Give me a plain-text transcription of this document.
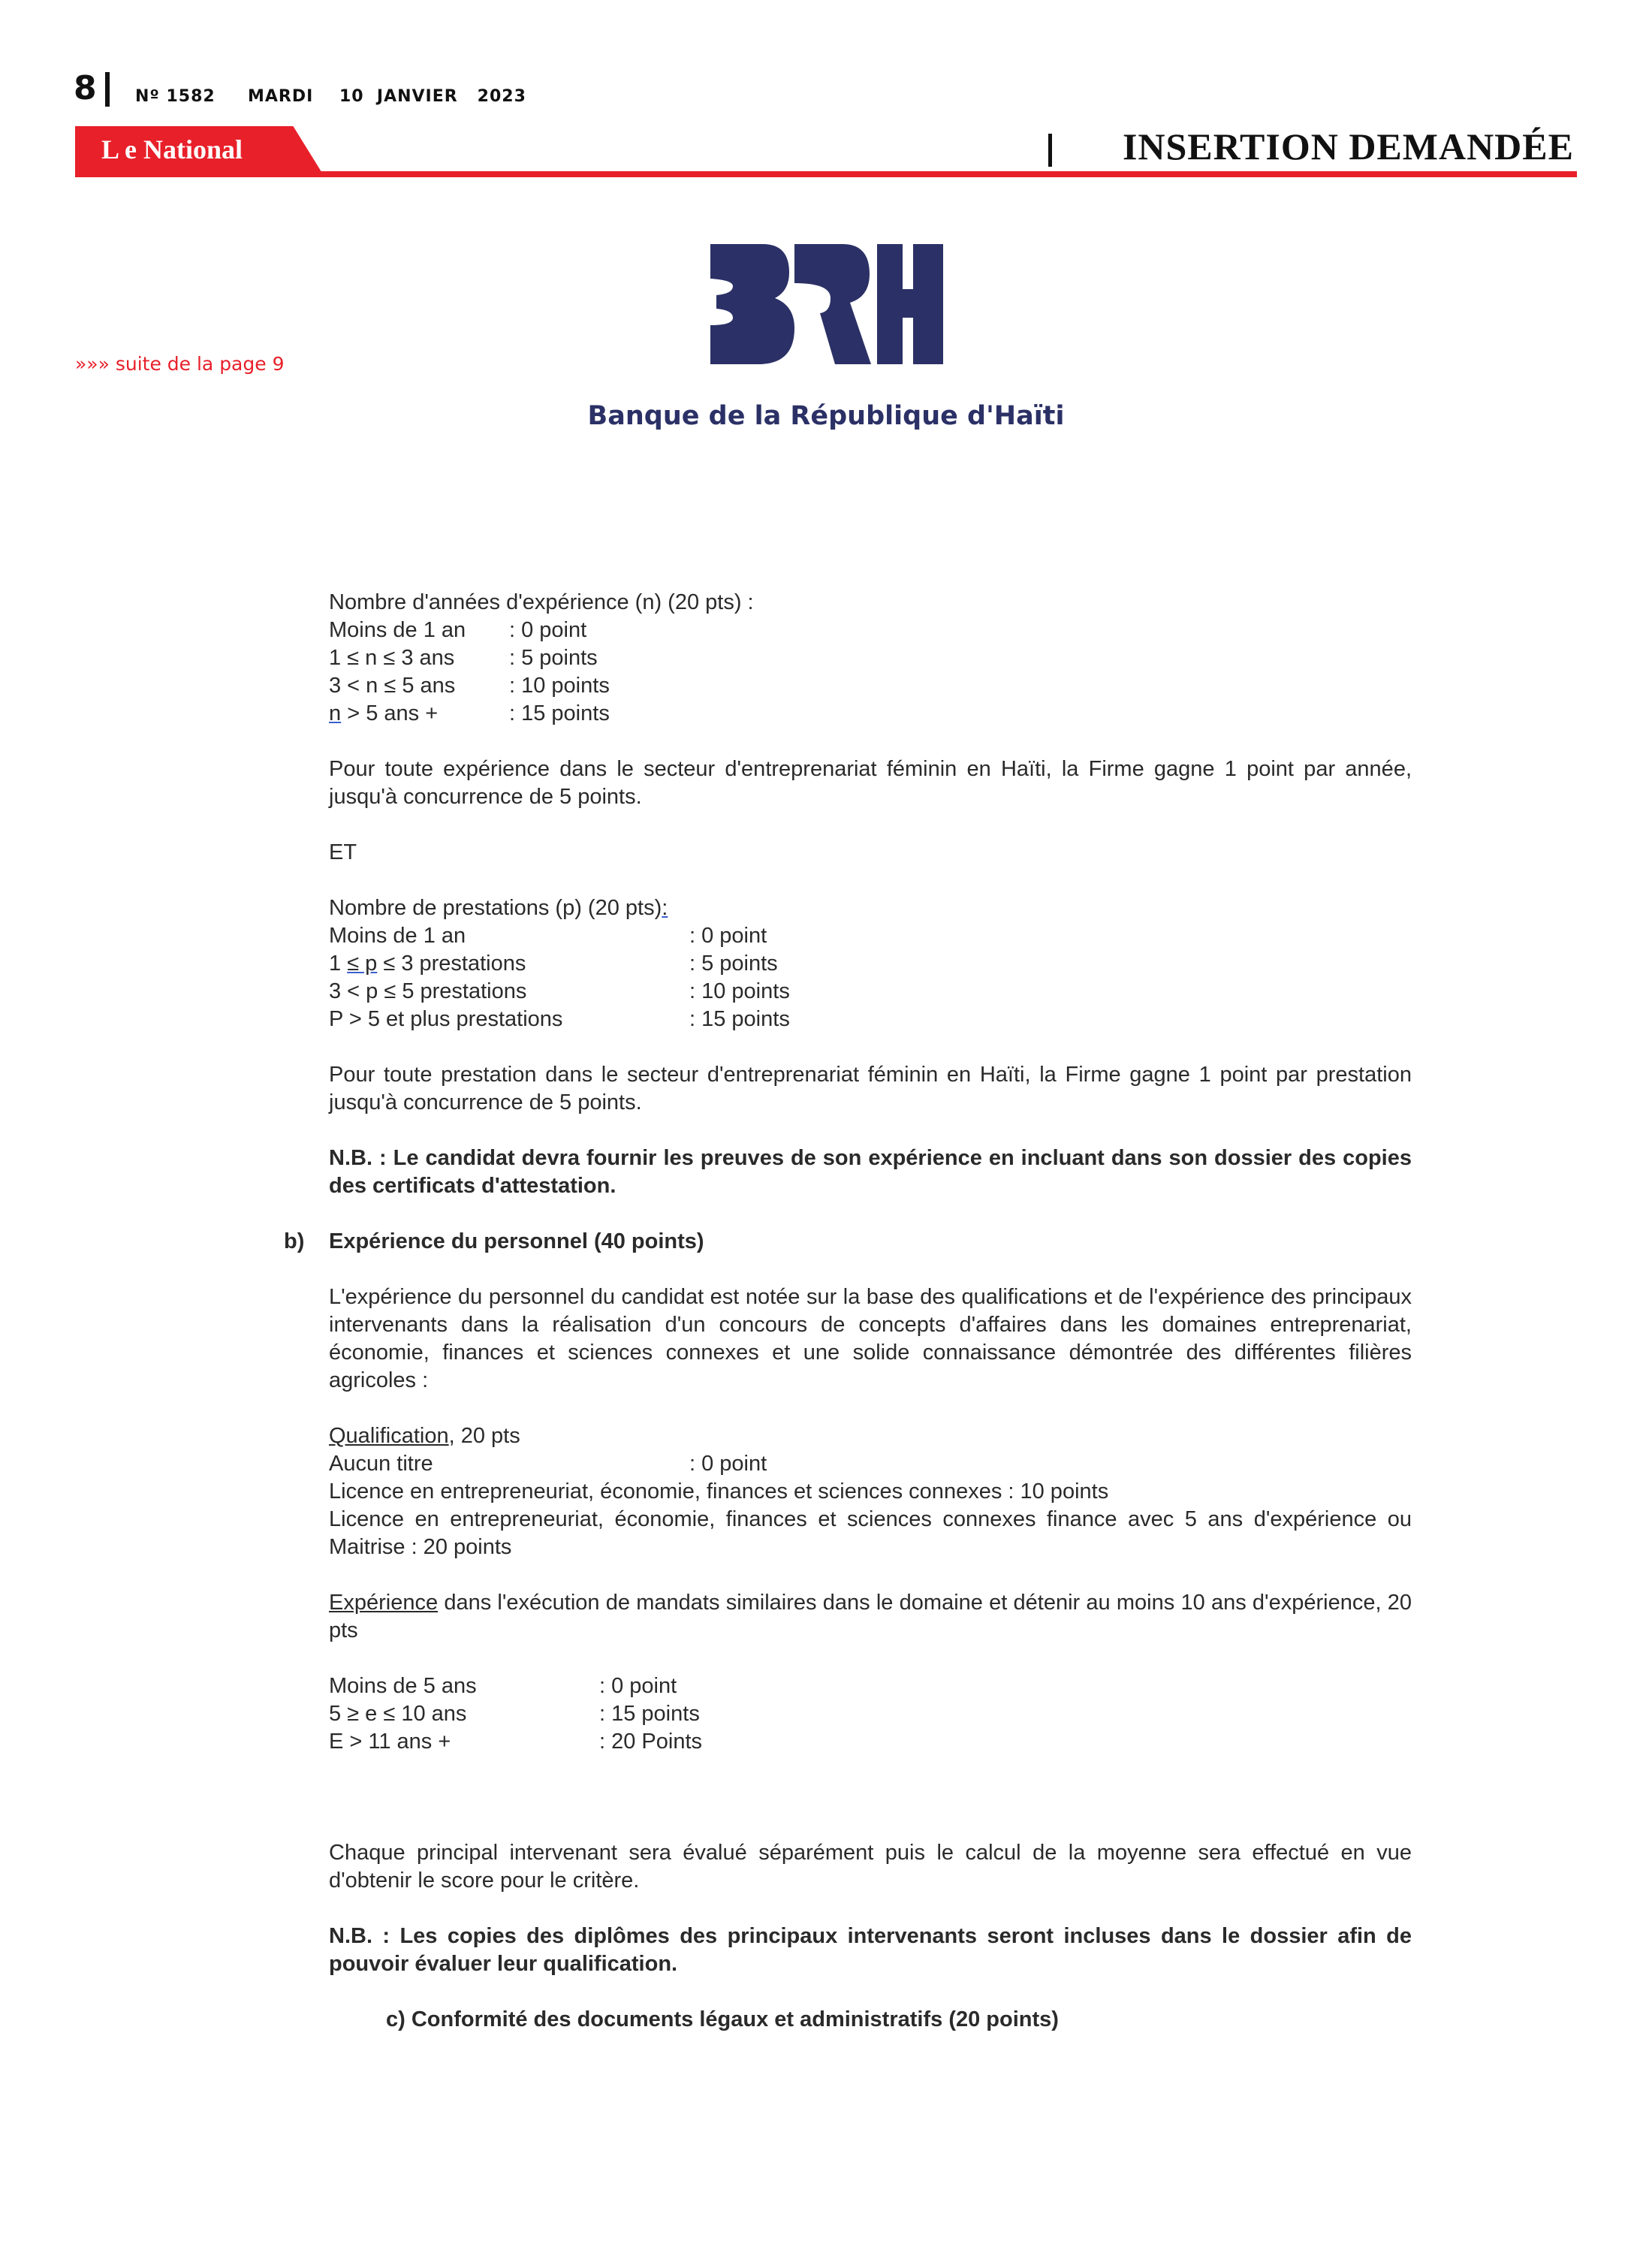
8 Nº 1582 MARDI 10  JANVIER   2023
L e National	INSERTION DEMANDÉE
»»» suite de la page 9
Banque de la République d'Haïti
Nombre d'années d'expérience (n) (20 pts) :
Moins de 1 an	: 0 point
1 ≤ n ≤ 3 ans	: 5 points
3 < n ≤ 5 ans	: 10 points
n > 5 ans +	: 15 points
Pour toute expérience dans le secteur d'entreprenariat féminin en Haïti, la Firme gagne 1 point par année, jusqu'à concurrence de 5 points.
ET
Nombre de prestations (p) (20 pts):
Moins de 1 an	: 0 point
1 ≤ p ≤ 3 prestations	: 5 points
3 < p ≤ 5 prestations	: 10 points
P > 5 et plus prestations	: 15 points
Pour toute prestation dans le secteur d'entreprenariat féminin en Haïti, la Firme gagne 1 point par prestation jusqu'à concurrence de 5 points.
N.B. : Le candidat devra fournir les preuves de son expérience en incluant dans son dossier des copies des certificats d'attestation.
b) Expérience du personnel (40 points)
L'expérience du personnel du candidat est notée sur la base des qualifications et de l'expérience des principaux intervenants dans la réalisation d'un concours de concepts d'affaires dans les domaines entreprenariat, économie, finances et sciences connexes et une solide connaissance démontrée des différentes filières agricoles :
Qualification, 20 pts
Aucun titre	: 0 point
Licence en entrepreneuriat, économie, finances et sciences connexes : 10 points
Licence en entrepreneuriat, économie, finances et sciences connexes finance avec 5 ans d'expérience ou Maitrise : 20 points
Expérience dans l'exécution de mandats similaires dans le domaine et détenir au moins 10 ans d'expérience, 20 pts
Moins de 5 ans	: 0 point
5 ≥ e ≤ 10 ans	: 15 points
E > 11 ans +	: 20 Points
Chaque principal intervenant sera évalué séparément puis le calcul de la moyenne sera effectué en vue d'obtenir le score pour le critère.
N.B. : Les copies des diplômes des principaux intervenants seront incluses dans le dossier afin de pouvoir évaluer leur qualification.
c) Conformité des documents légaux et administratifs (20 points)
